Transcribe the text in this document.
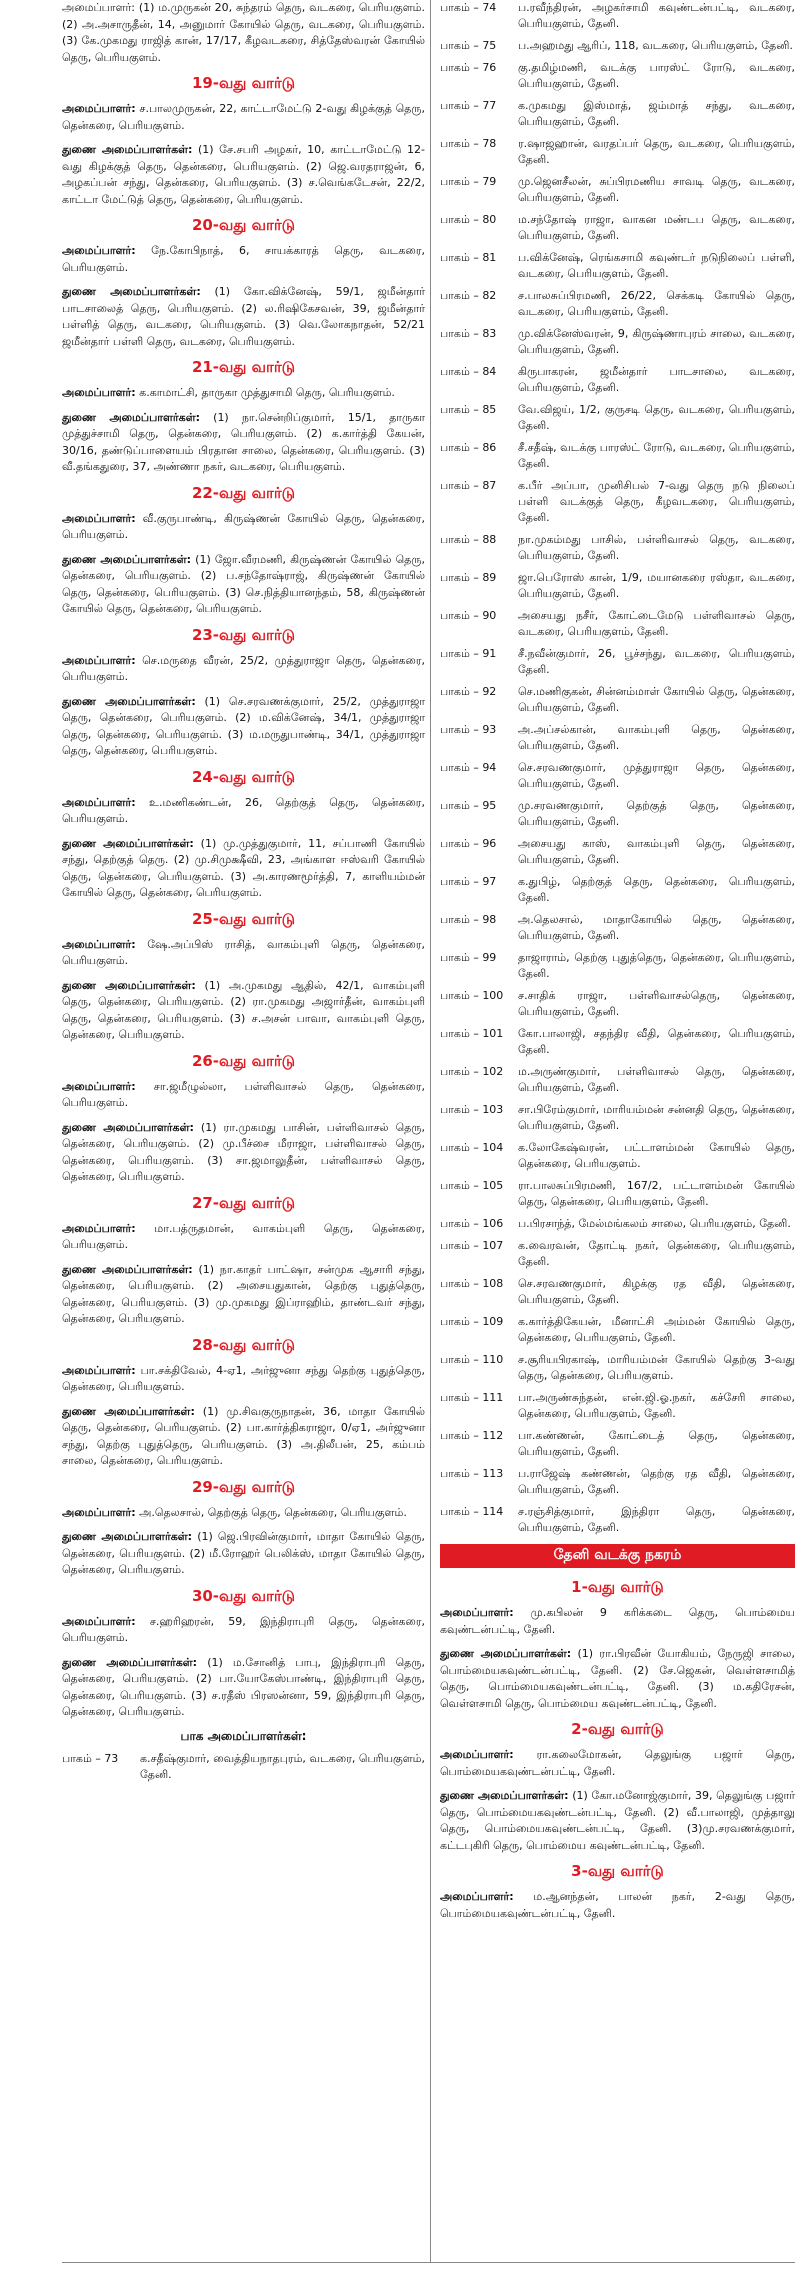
அமைப்பாளர்: (1) ம.முருகன் 20, சுந்தரம் தெரு, வடகரை, பெரியகுளம். (2) அ.அசாருதீன், 14, அனுமார் கோயில் தெரு, வடகரை, பெரியகுளம். (3) கே.முகமது ராஜித் கான், 17/17, கீழவடகரை, சித்தேஸ்வரன் கோயில் தெரு, பெரியகுளம்.

19-வது வார்டு

அமைப்பாளர்: ச.பாலமுருகன், 22, காட்டாமேட்டு 2-வது கிழக்குத் தெரு, தென்கரை, பெரியகுளம்.

துணை அமைப்பாளர்கள்: (1) சே.சபரி அழகர், 10, காட்டாமேட்டு 12-வது கிழக்குத் தெரு, தென்கரை, பெரியகுளம். (2) ஜெ.வரதராஜன், 6, அழகப்பன் சந்து, தென்கரை, பெரியகுளம். (3) ச.வெங்கடேசன், 22/2, காட்டா மேட்டுத் தெரு, தென்கரை, பெரியகுளம்.

20-வது வார்டு

அமைப்பாளர்: நே.கோபிநாத், 6, சாயக்காரத் தெரு, வடகரை, பெரியகுளம்.

துணை அமைப்பாளர்கள்: (1) கோ.விக்னேஷ், 59/1, ஜமீன்தார் பாடசாலைத் தெரு, பெரியகுளம். (2) ல.ரிஷிகேசவன், 39, ஜமீன்தார் பள்ளித் தெரு, வடகரை, பெரியகுளம். (3) வெ.லோகநாதன், 52/21 ஜமீன்தார் பள்ளி தெரு, வடகரை, பெரியகுளம்.

21-வது வார்டு

அமைப்பாளர்: க.காமாட்சி, தாருகா முத்துசாமி தெரு, பெரியகுளம்.

துணை அமைப்பாளர்கள்: (1) நா.சென்றிப்குமார், 15/1, தாருகா முத்துச்சாமி தெரு, தென்கரை, பெரியகுளம். (2) க.கார்த்தி கேயன், 30/16, தண்டுப்பாளையம் பிரதான சாலை, தென்கரை, பெரியகுளம். (3) வீ.தங்கதுரை, 37, அண்ணா நகர், வடகரை, பெரியகுளம்.

22-வது வார்டு

அமைப்பாளர்: வீ.குருபாண்டி, கிருஷ்ணன் கோயில் தெரு, தென்கரை, பெரியகுளம்.

துணை அமைப்பாளர்கள்: (1) ஜோ.வீரமணி, கிருஷ்ணன் கோயில் தெரு, தென்கரை, பெரியகுளம். (2) ப.சந்தோஷ்ராஜ், கிருஷ்ணன் கோயில் தெரு, தென்கரை, பெரியகுளம். (3) செ.நித்தியானந்தம், 58, கிருஷ்ணன் கோயில் தெரு, தென்கரை, பெரியகுளம்.

23-வது வார்டு

அமைப்பாளர்: செ.மருதை வீரன், 25/2, முத்துராஜா தெரு, தென்கரை, பெரியகுளம்.

துணை அமைப்பாளர்கள்: (1) செ.சரவணக்குமார், 25/2, முத்துராஜா தெரு, தென்கரை, பெரியகுளம். (2) ம.விக்னேஷ், 34/1, முத்துராஜா தெரு, தென்கரை, பெரியகுளம். (3) ம.மருதுபாண்டி, 34/1, முத்துராஜா தெரு, தென்கரை, பெரியகுளம்.

24-வது வார்டு

அமைப்பாளர்: உ.மணிகண்டன், 26, தெற்குத் தெரு, தென்கரை, பெரியகுளம்.

துணை அமைப்பாளர்கள்: (1) மு.முத்துகுமார், 11, சப்பாணி கோயில் சந்து, தெற்குத் தெரு. (2) மு.சிமுக்ஷீவி, 23, அங்காள ஈஸ்வரி கோயில் தெரு, தென்கரை, பெரியகுளம். (3) அ.காரணமூர்த்தி, 7, காளியம்மன் கோயில் தெரு, தென்கரை, பெரியகுளம்.

25-வது வார்டு

அமைப்பாளர்: ஷே.அப்பிஸ் ராசித், வாகம்புளி தெரு, தென்கரை, பெரியகுளம்.

துணை அமைப்பாளர்கள்: (1) அ.முகமது ஆதில், 42/1, வாகம்புளி தெரு, தென்கரை, பெரியகுளம். (2) ரா.முகமது அஜார்தீன், வாகம்புளி தெரு, தென்கரை, பெரியகுளம். (3) ச.அசன் பாவா, வாகம்புளி தெரு, தென்கரை, பெரியகுளம்.

26-வது வார்டு

அமைப்பாளர்: சா.ஜமீழுல்லா, பள்ளிவாசல் தெரு, தென்கரை, பெரியகுளம்.

துணை அமைப்பாளர்கள்: (1) ரா.முகமது பாசின், பள்ளிவாசல் தெரு, தென்கரை, பெரியகுளம். (2) மு.பீச்சை மீராஜா, பள்ளிவாசல் தெரு, தென்கரை, பெரியகுளம். (3) சா.ஜமாலுதீன், பள்ளிவாசல் தெரு, தென்கரை, பெரியகுளம்.

27-வது வார்டு

அமைப்பாளர்: மா.பத்ருதமான், வாகம்புளி தெரு, தென்கரை, பெரியகுளம்.

துணை அமைப்பாளர்கள்: (1) நா.காதர் பாட்ஷா, சன்முக ஆசாரி சந்து, தென்கரை, பெரியகுளம். (2) அசையதுகான், தெற்கு புதுத்தெரு, தென்கரை, பெரியகுளம். (3) மு.முகமது இப்ராஹிம், தாண்டவர் சந்து, தென்கரை, பெரியகுளம்.

28-வது வார்டு

அமைப்பாளர்: பா.சக்திவேல், 4-ஏ1, அர்ஜுனா சந்து தெற்கு புதுத்தெரு, தென்கரை, பெரியகுளம்.

துணை அமைப்பாளர்கள்: (1) மு.சிவகுருநாதன், 36, மாதா கோயில் தெரு, தென்கரை, பெரியகுளம். (2) பா.கார்த்திகராஜா, 0/ஏ1, அர்ஜுனா சந்து, தெற்கு புதுத்தெரு, பெரியகுளம். (3) அ.திலீபன், 25, கம்பம் சாலை, தென்கரை, பெரியகுளம்.

29-வது வார்டு

அமைப்பாளர்: அ.தெலசால், தெற்குத் தெரு, தென்கரை, பெரியகுளம்.

துணை அமைப்பாளர்கள்: (1) ஜெ.பிரவின்குமார், மாதா கோயில் தெரு, தென்கரை, பெரியகுளம். (2) மீ.ரோஹர் பெலிக்ஸ், மாதா கோயில் தெரு, தென்கரை, பெரியகுளம்.

30-வது வார்டு

அமைப்பாளர்: ச.ஹரிஹரன், 59, இந்திராபுரி தெரு, தென்கரை, பெரியகுளம்.

துணை அமைப்பாளர்கள்: (1) ம.சோனித் பாபு, இந்திராபுரி தெரு, தென்கரை, பெரியகுளம். (2) பா.யோகேஸ்பாண்டி, இந்திராபுரி தெரு, தென்கரை, பெரியகுளம். (3) ச.ரதீஸ் பிரஸன்னா, 59, இந்திராபுரி தெரு, தென்கரை, பெரியகுளம்.

பாக அமைப்பாளர்கள்:
பாகம் – 73	க.சதீஷ்குமார், வைத்தியநாதபுரம், வடகரை, பெரியகுளம், தேனி.
பாகம் – 74	ப.ரவீந்திரன், அழகர்சாமி கவுண்டன்பட்டி, வடகரை, பெரியகுளம், தேனி.
பாகம் – 75	ப.அஹமது ஆரிப், 118, வடகரை, பெரியகுளம், தேனி.
பாகம் – 76	கு.தமிழ்மணி, வடக்கு பாரஸ்ட் ரோடு, வடகரை, பெரியகுளம், தேனி.
பாகம் – 77	க.முகமது இஸ்மாத், ஜம்மாத் சந்து, வடகரை, பெரியகுளம், தேனி.
பாகம் – 78	ர.ஷாஜஹான், வரதப்பர் தெரு, வடகரை, பெரியகுளம், தேனி.
பாகம் – 79	மு.ஜெனசீலன், சுப்பிரமணிய சாவடி தெரு, வடகரை, பெரியகுளம், தேனி.
பாகம் – 80	ம.சந்தோஷ் ராஜா, வாகன மண்டப தெரு, வடகரை, பெரியகுளம், தேனி.
பாகம் – 81	ப.விக்னேஷ், ரெங்கசாமி கவுண்டர் நடுநிலைப் பள்ளி, வடகரை, பெரியகுளம், தேனி.
பாகம் – 82	ச.பாலசுப்பிரமணி, 26/22, செக்கடி கோயில் தெரு, வடகரை, பெரியகுளம், தேனி.
பாகம் – 83	மு.விக்னேஸ்வரன், 9, கிருஷ்ணாபுரம் சாலை, வடகரை, பெரியகுளம், தேனி.
பாகம் – 84	கிருபாகரன், ஜமீன்தார் பாடசாலை, வடகரை, பெரியகுளம், தேனி.
பாகம் – 85	வே.விஜய், 1/2, குருசடி தெரு, வடகரை, பெரியகுளம், தேனி.
பாகம் – 86	சீ.சதீஷ், வடக்கு பாரஸ்ட் ரோடு, வடகரை, பெரியகுளம், தேனி.
பாகம் – 87	க.பீர் அப்பா, முனிசிபல் 7-வது தெரு நடு நிலைப் பள்ளி வடக்குத் தெரு, கீழவடகரை, பெரியகுளம், தேனி.
பாகம் – 88	நா.முகம்மது பாசில், பள்ளிவாசல் தெரு, வடகரை, பெரியகுளம், தேனி.
பாகம் – 89	ஜா.பெரோஸ் கான், 1/9, மயானகரை ரஸ்தா, வடகரை, பெரியகுளம், தேனி.
பாகம் – 90	அசையது நசீர், கோட்டைமேடு பள்ளிவாசல் தெரு, வடகரை, பெரியகுளம், தேனி.
பாகம் – 91	சீ.நவீன்குமார், 26, பூச்சந்து, வடகரை, பெரியகுளம், தேனி.
பாகம் – 92	செ.மணிகுகன், சின்னம்மாள் கோயில் தெரு, தென்கரை, பெரியகுளம், தேனி.
பாகம் – 93	அ.அப்சல்கான், வாகம்புளி தெரு, தென்கரை, பெரியகுளம், தேனி.
பாகம் – 94	செ.சரவணகுமார், முத்துராஜா தெரு, தென்கரை, பெரியகுளம், தேனி.
பாகம் – 95	மு.சரவணகுமார், தெற்குத் தெரு, தென்கரை, பெரியகுளம், தேனி.
பாகம் – 96	அசையது காஸ், வாகம்புளி தெரு, தென்கரை, பெரியகுளம், தேனி.
பாகம் – 97	க.துபிழ், தெற்குத் தெரு, தென்கரை, பெரியகுளம், தேனி.
பாகம் – 98	அ.தெலசால், மாதாகோயில் தெரு, தென்கரை, பெரியகுளம், தேனி.
பாகம் – 99	தாஜாராம், தெற்கு புதுத்தெரு, தென்கரை, பெரியகுளம், தேனி.
பாகம் – 100	ச.சாதிக் ராஜா, பள்ளிவாசல்தெரு, தென்கரை, பெரியகுளம், தேனி.
பாகம் – 101	கோ.பாலாஜி, சதந்திர வீதி, தென்கரை, பெரியகுளம், தேனி.
பாகம் – 102	ம.அருண்குமார், பள்ளிவாசல் தெரு, தென்கரை, பெரியகுளம், தேனி.
பாகம் – 103	சா.பிரேம்குமார், மாரியம்மன் சன்னதி தெரு, தென்கரை, பெரியகுளம், தேனி.
பாகம் – 104	க.லோகேஷ்வரன், பட்டாளம்மன் கோயில் தெரு, தென்கரை, பெரியகுளம்.
பாகம் – 105	ரா.பாலசுப்பிரமணி, 167/2, பட்டாளம்மன் கோயில் தெரு, தென்கரை, பெரியகுளம், தேனி.
பாகம் – 106	ப.பிரசாந்த், மேல்மங்கலம் சாலை, பெரியகுளம், தேனி.
பாகம் – 107	க.வைரவன், தோட்டி நகர், தென்கரை, பெரியகுளம், தேனி.
பாகம் – 108	செ.சரவணகுமார், கிழக்கு ரத வீதி, தென்கரை, பெரியகுளம், தேனி.
பாகம் – 109	க.கார்த்திகேயன், மீனாட்சி அம்மன் கோயில் தெரு, தென்கரை, பெரியகுளம், தேனி.
பாகம் – 110	ச.சூரியபிரகாஷ், மாரியம்மன் கோயில் தெற்கு 3-வது தெரு, தென்கரை, பெரியகுளம்.
பாகம் – 111	பா.அருண்சுந்தன், என்.ஜி.ஓ.நகர், கச்சேரி சாலை, தென்கரை, பெரியகுளம், தேனி.
பாகம் – 112	பா.கண்ணன், கோட்டைத் தெரு, தென்கரை, பெரியகுளம், தேனி.
பாகம் – 113	ப.ராஜேஷ் கண்ணன், தெற்கு ரத வீதி, தென்கரை, பெரியகுளம், தேனி.
பாகம் – 114	ச.ரஞ்சித்குமார், இந்திரா தெரு, தென்கரை, பெரியகுளம், தேனி.
தேனி வடக்கு நகரம்
1-வது வார்டு

அமைப்பாளர்: மு.கபிலன் 9 கரிக்கடை தெரு, பொம்மைய கவுண்டன்பட்டி, தேனி.

துணை அமைப்பாளர்கள்: (1) ரா.பிரவீன் யோகியம், நேருஜி சாலை, பொம்மையகவுண்டன்பட்டி, தேனி. (2) சே.ஜெகன், வெள்ளசாமித் தெரு, பொம்மையகவுண்டன்பட்டி, தேனி. (3) ம.கதிரேசன், வெள்ளசாமி தெரு, பொம்மைய கவுண்டன்பட்டி, தேனி.

2-வது வார்டு

அமைப்பாளர்: ரா.கலைமோகன், தெலுங்கு பஜார் தெரு, பொம்மையகவுண்டன்பட்டி, தேனி.

துணை அமைப்பாளர்கள்: (1) கோ.மனோஜ்குமார், 39, தெலுங்கு பஜார் தெரு, பொம்மையகவுண்டன்பட்டி, தேனி. (2) வீ.பாலாஜி, முத்தாலு தெரு, பொம்மையகவுண்டன்பட்டி, தேனி. (3)மு.சரவணக்குமார், கட்டபுகிரி தெரு, பொம்மைய கவுண்டன்பட்டி, தேனி.

3-வது வார்டு

அமைப்பாளர்: ம.ஆனந்தன், பாலன் நகர், 2-வது தெரு, பொம்மையகவுண்டன்பட்டி, தேனி.
